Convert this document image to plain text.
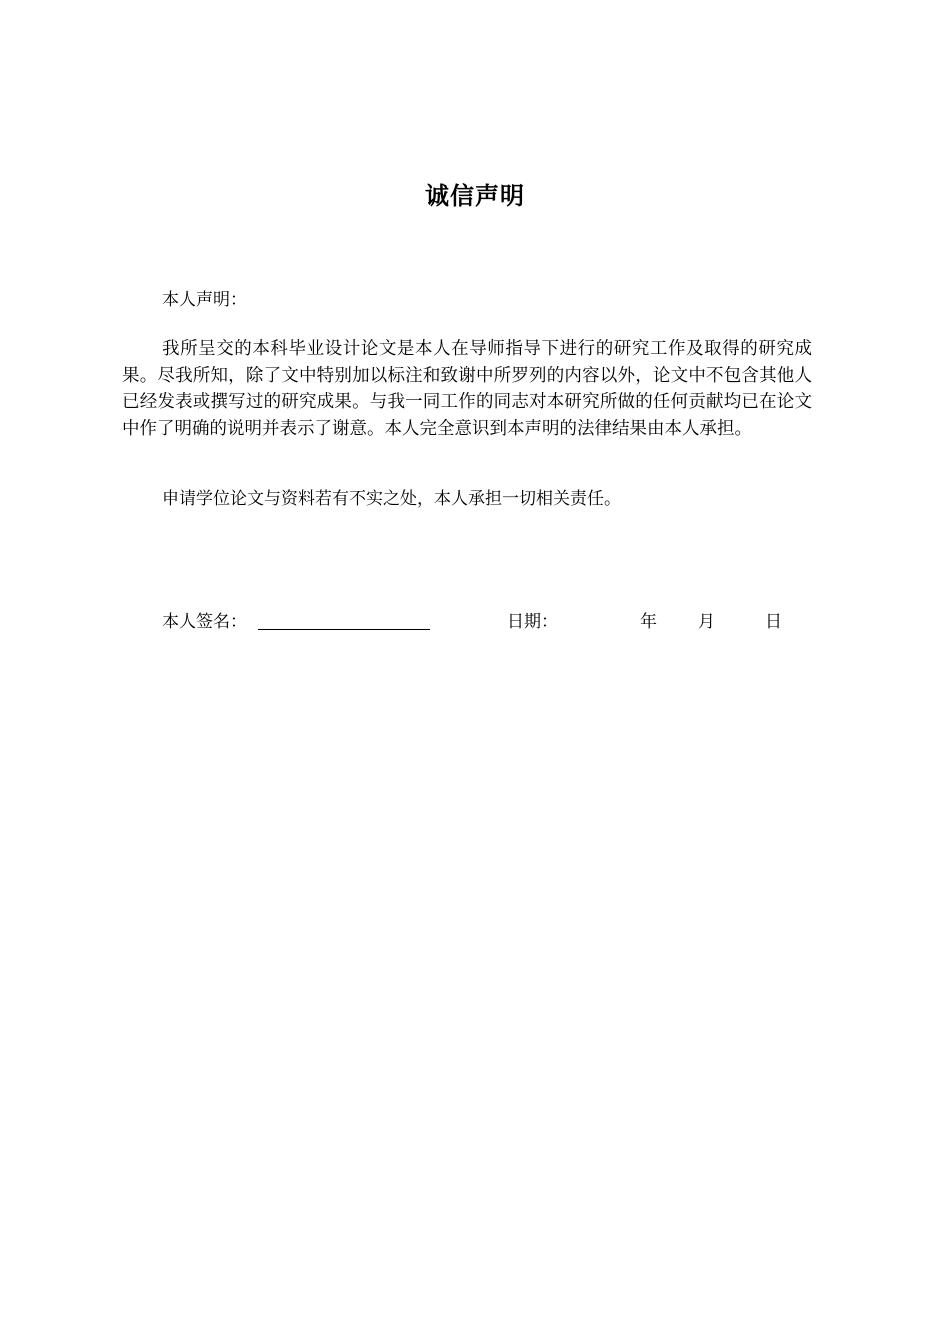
诚信声明
本人声明：

我所呈交的本科毕业设计论文是本人在导师指导下进行的研究工作及取得的研究成果。尽我所知，除了文中特别加以标注和致谢中所罗列的内容以外，论文中不包含其他人已经发表或撰写过的研究成果。与我一同工作的同志对本研究所做的任何贡献均已在论文中作了明确的说明并表示了谢意。本人完全意识到本声明的法律结果由本人承担。

申请学位论文与资料若有不实之处，本人承担一切相关责任。
本人签名：	日期：	年 月	日
